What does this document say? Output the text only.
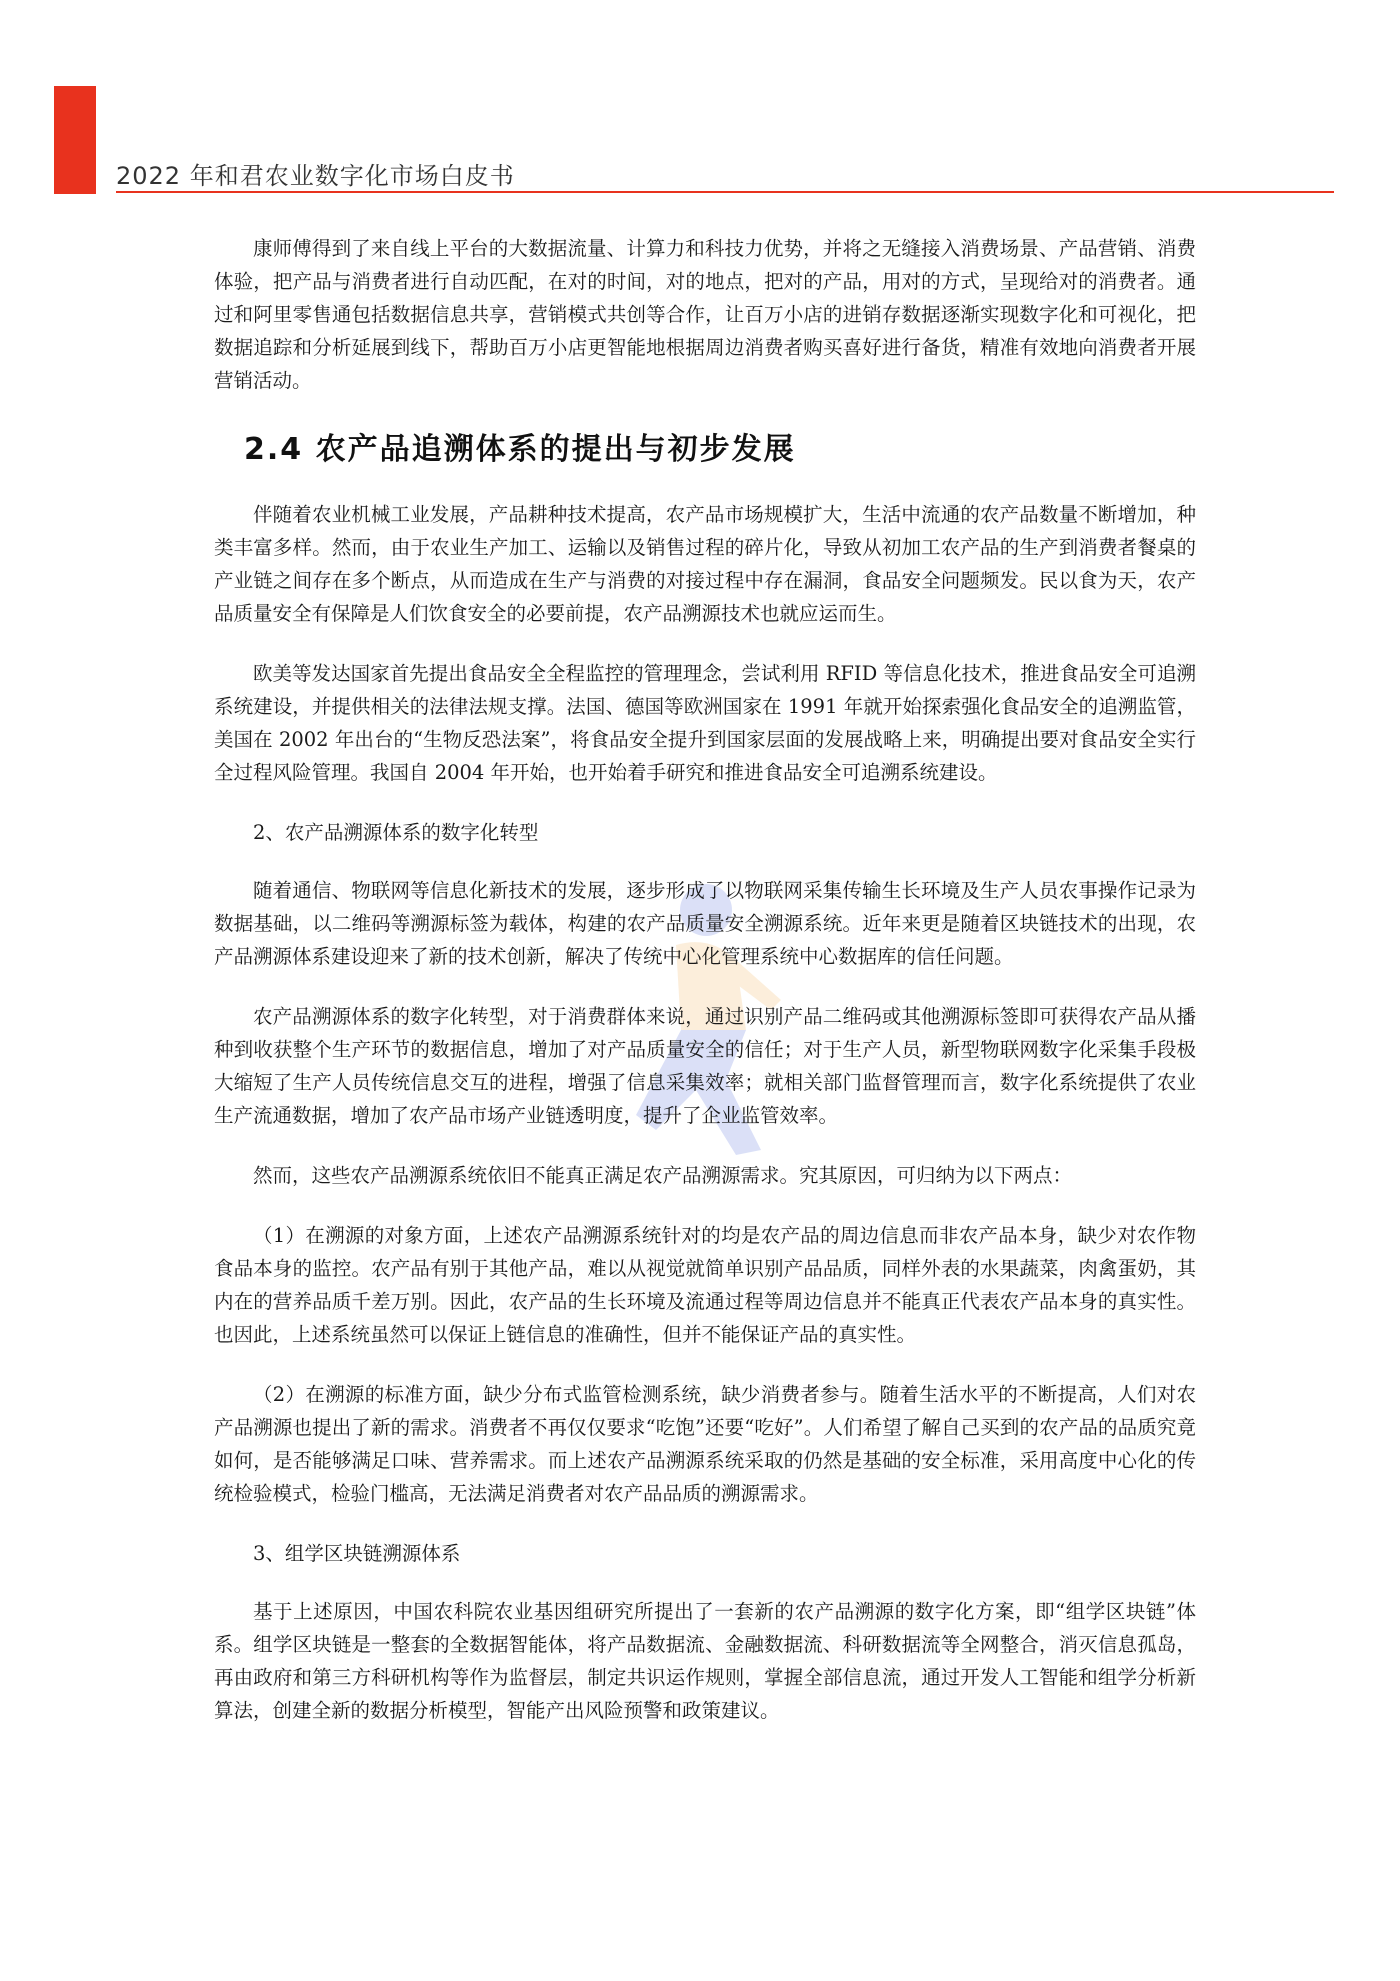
2022 年和君农业数字化市场白皮书

康师傅得到了来自线上平台的大数据流量、计算力和科技力优势，并将之无缝接入消费场景、产品营销、消费体验，把产品与消费者进行自动匹配，在对的时间，对的地点，把对的产品，用对的方式，呈现给对的消费者。通过和阿里零售通包括数据信息共享，营销模式共创等合作，让百万小店的进销存数据逐渐实现数字化和可视化，把数据追踪和分析延展到线下，帮助百万小店更智能地根据周边消费者购买喜好进行备货，精准有效地向消费者开展营销活动。

2.4 农产品追溯体系的提出与初步发展

伴随着农业机械工业发展，产品耕种技术提高，农产品市场规模扩大，生活中流通的农产品数量不断增加，种类丰富多样。然而，由于农业生产加工、运输以及销售过程的碎片化，导致从初加工农产品的生产到消费者餐桌的产业链之间存在多个断点，从而造成在生产与消费的对接过程中存在漏洞，食品安全问题频发。民以食为天，农产品质量安全有保障是人们饮食安全的必要前提，农产品溯源技术也就应运而生。

欧美等发达国家首先提出食品安全全程监控的管理理念，尝试利用 RFID 等信息化技术，推进食品安全可追溯系统建设，并提供相关的法律法规支撑。法国、德国等欧洲国家在 1991 年就开始探索强化食品安全的追溯监管，美国在 2002 年出台的“生物反恐法案”，将食品安全提升到国家层面的发展战略上来，明确提出要对食品安全实行全过程风险管理。我国自 2004 年开始，也开始着手研究和推进食品安全可追溯系统建设。

2、农产品溯源体系的数字化转型

随着通信、物联网等信息化新技术的发展，逐步形成了以物联网采集传输生长环境及生产人员农事操作记录为数据基础，以二维码等溯源标签为载体，构建的农产品质量安全溯源系统。近年来更是随着区块链技术的出现，农产品溯源体系建设迎来了新的技术创新，解决了传统中心化管理系统中心数据库的信任问题。

农产品溯源体系的数字化转型，对于消费群体来说，通过识别产品二维码或其他溯源标签即可获得农产品从播种到收获整个生产环节的数据信息，增加了对产品质量安全的信任；对于生产人员，新型物联网数字化采集手段极大缩短了生产人员传统信息交互的进程，增强了信息采集效率；就相关部门监督管理而言，数字化系统提供了农业生产流通数据，增加了农产品市场产业链透明度，提升了企业监管效率。

然而，这些农产品溯源系统依旧不能真正满足农产品溯源需求。究其原因，可归纳为以下两点：

（1）在溯源的对象方面，上述农产品溯源系统针对的均是农产品的周边信息而非农产品本身，缺少对农作物食品本身的监控。农产品有别于其他产品，难以从视觉就简单识别产品品质，同样外表的水果蔬菜，肉禽蛋奶，其内在的营养品质千差万别。因此，农产品的生长环境及流通过程等周边信息并不能真正代表农产品本身的真实性。也因此，上述系统虽然可以保证上链信息的准确性，但并不能保证产品的真实性。

（2）在溯源的标准方面，缺少分布式监管检测系统，缺少消费者参与。随着生活水平的不断提高，人们对农产品溯源也提出了新的需求。消费者不再仅仅要求“吃饱”还要“吃好”。人们希望了解自己买到的农产品的品质究竟如何，是否能够满足口味、营养需求。而上述农产品溯源系统采取的仍然是基础的安全标准，采用高度中心化的传统检验模式，检验门槛高，无法满足消费者对农产品品质的溯源需求。

3、组学区块链溯源体系

基于上述原因，中国农科院农业基因组研究所提出了一套新的农产品溯源的数字化方案，即“组学区块链”体系。组学区块链是一整套的全数据智能体，将产品数据流、金融数据流、科研数据流等全网整合，消灭信息孤岛，再由政府和第三方科研机构等作为监督层，制定共识运作规则，掌握全部信息流，通过开发人工智能和组学分析新算法，创建全新的数据分析模型，智能产出风险预警和政策建议。
